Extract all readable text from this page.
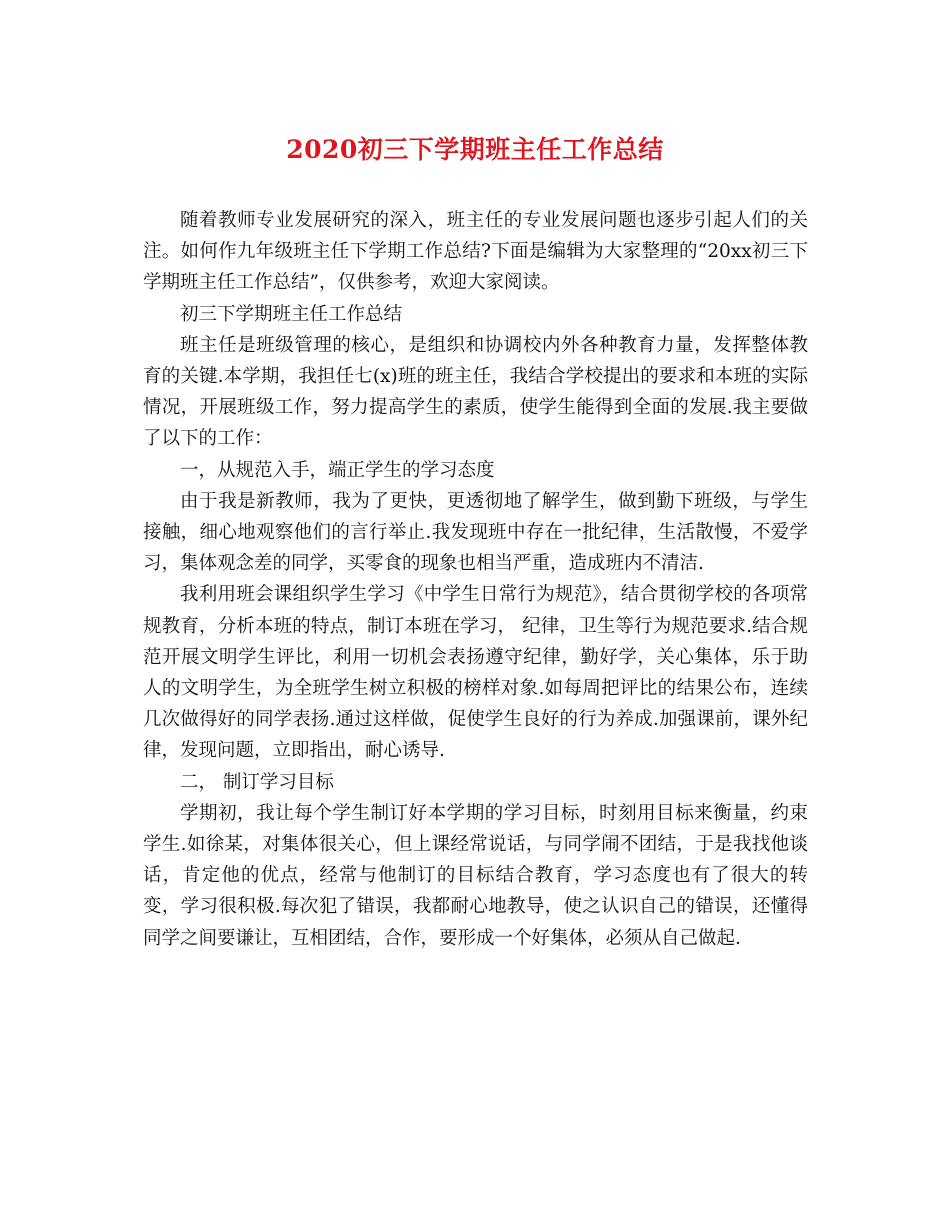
2020初三下学期班主任工作总结

随着教师专业发展研究的深入，班主任的专业发展问题也逐步引起人们的关注。如何作九年级班主任下学期工作总结?下面是编辑为大家整理的“20xx初三下学期班主任工作总结”，仅供参考，欢迎大家阅读。

初三下学期班主任工作总结

班主任是班级管理的核心，是组织和协调校内外各种教育力量，发挥整体教育的关键.本学期，我担任七(x)班的班主任，我结合学校提出的要求和本班的实际情况，开展班级工作，努力提高学生的素质，使学生能得到全面的发展.我主要做了以下的工作：

一，从规范入手，端正学生的学习态度

由于我是新教师，我为了更快，更透彻地了解学生，做到勤下班级，与学生接触，细心地观察他们的言行举止.我发现班中存在一批纪律，生活散慢，不爱学习，集体观念差的同学，买零食的现象也相当严重，造成班内不清洁.

我利用班会课组织学生学习《中学生日常行为规范》，结合贯彻学校的各项常规教育，分析本班的特点，制订本班在学习， 纪律，卫生等行为规范要求.结合规范开展文明学生评比，利用一切机会表扬遵守纪律，勤好学，关心集体，乐于助人的文明学生，为全班学生树立积极的榜样对象.如每周把评比的结果公布，连续几次做得好的同学表扬.通过这样做，促使学生良好的行为养成.加强课前，课外纪律，发现问题，立即指出，耐心诱导.

二， 制订学习目标

学期初，我让每个学生制订好本学期的学习目标，时刻用目标来衡量，约束学生.如徐某，对集体很关心，但上课经常说话，与同学闹不团结，于是我找他谈话，肯定他的优点，经常与他制订的目标结合教育，学习态度也有了很大的转变，学习很积极.每次犯了错误，我都耐心地教导，使之认识自己的错误，还懂得同学之间要谦让，互相团结，合作，要形成一个好集体，必须从自己做起.
